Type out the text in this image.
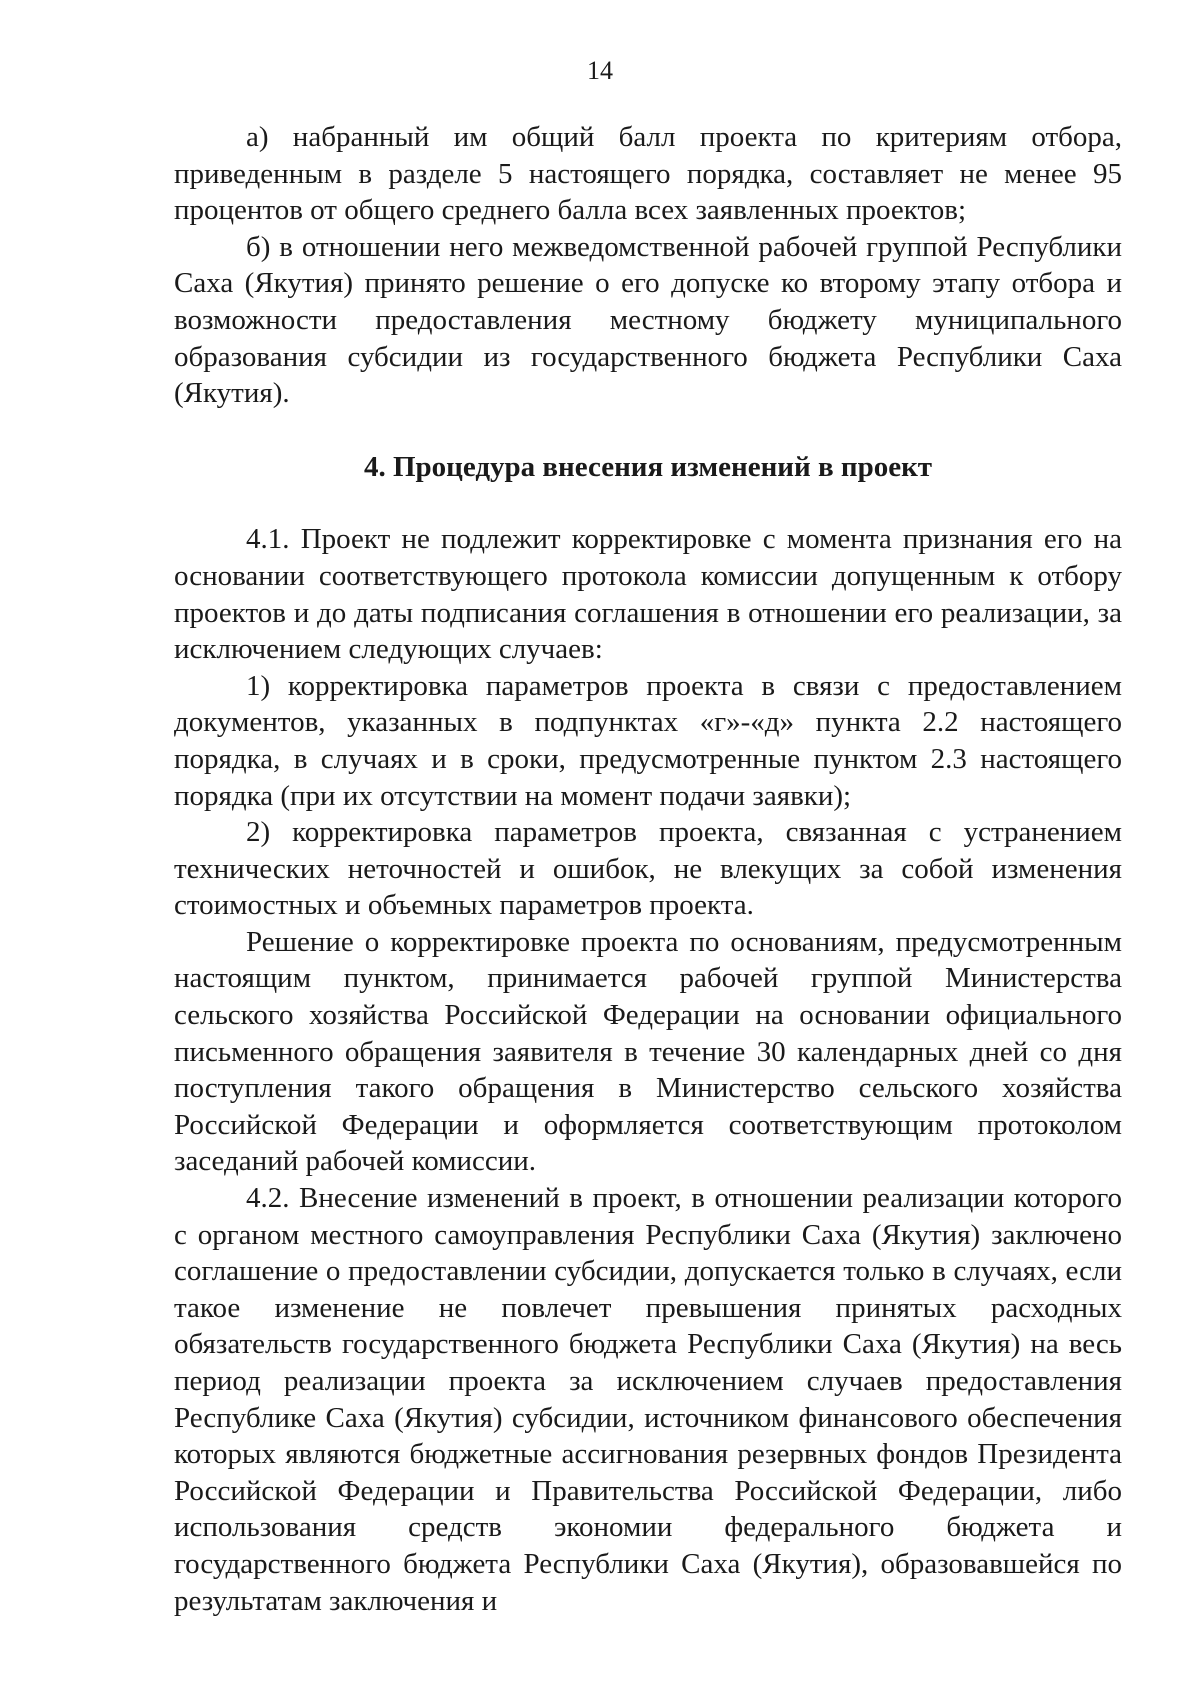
14

а) набранный им общий балл проекта по критериям отбора, приведенным в разделе 5 настоящего порядка, составляет не менее 95 процентов от общего среднего балла всех заявленных проектов;

б) в отношении него межведомственной рабочей группой Республики Саха (Якутия) принято решение о его допуске ко второму этапу отбора и возможности предоставления местному бюджету муниципального образования субсидии из государственного бюджета Республики Саха (Якутия).

4. Процедура внесения изменений в проект

4.1. Проект не подлежит корректировке с момента признания его на основании соответствующего протокола комиссии допущенным к отбору проектов и до даты подписания соглашения в отношении его реализации, за исключением следующих случаев:

1) корректировка параметров проекта в связи с предоставлением документов, указанных в подпунктах «г»-«д» пункта 2.2 настоящего порядка, в случаях и в сроки, предусмотренные пунктом 2.3 настоящего порядка (при их отсутствии на момент подачи заявки);

2) корректировка параметров проекта, связанная с устранением технических неточностей и ошибок, не влекущих за собой изменения стоимостных и объемных параметров проекта.

Решение о корректировке проекта по основаниям, предусмотренным настоящим пунктом, принимается рабочей группой Министерства сельского хозяйства Российской Федерации на основании официального письменного обращения заявителя в течение 30 календарных дней со дня поступления такого обращения в Министерство сельского хозяйства Российской Федерации и оформляется соответствующим протоколом заседаний рабочей комиссии.

4.2. Внесение изменений в проект, в отношении реализации которого с органом местного самоуправления Республики Саха (Якутия) заключено соглашение о предоставлении субсидии, допускается только в случаях, если такое изменение не повлечет превышения принятых расходных обязательств государственного бюджета Республики Саха (Якутия) на весь период реализации проекта за исключением случаев предоставления Республике Саха (Якутия) субсидии, источником финансового обеспечения которых являются бюджетные ассигнования резервных фондов Президента Российской Федерации и Правительства Российской Федерации, либо использования средств экономии федерального бюджета и государственного бюджета Республики Саха (Якутия), образовавшейся по результатам заключения и
